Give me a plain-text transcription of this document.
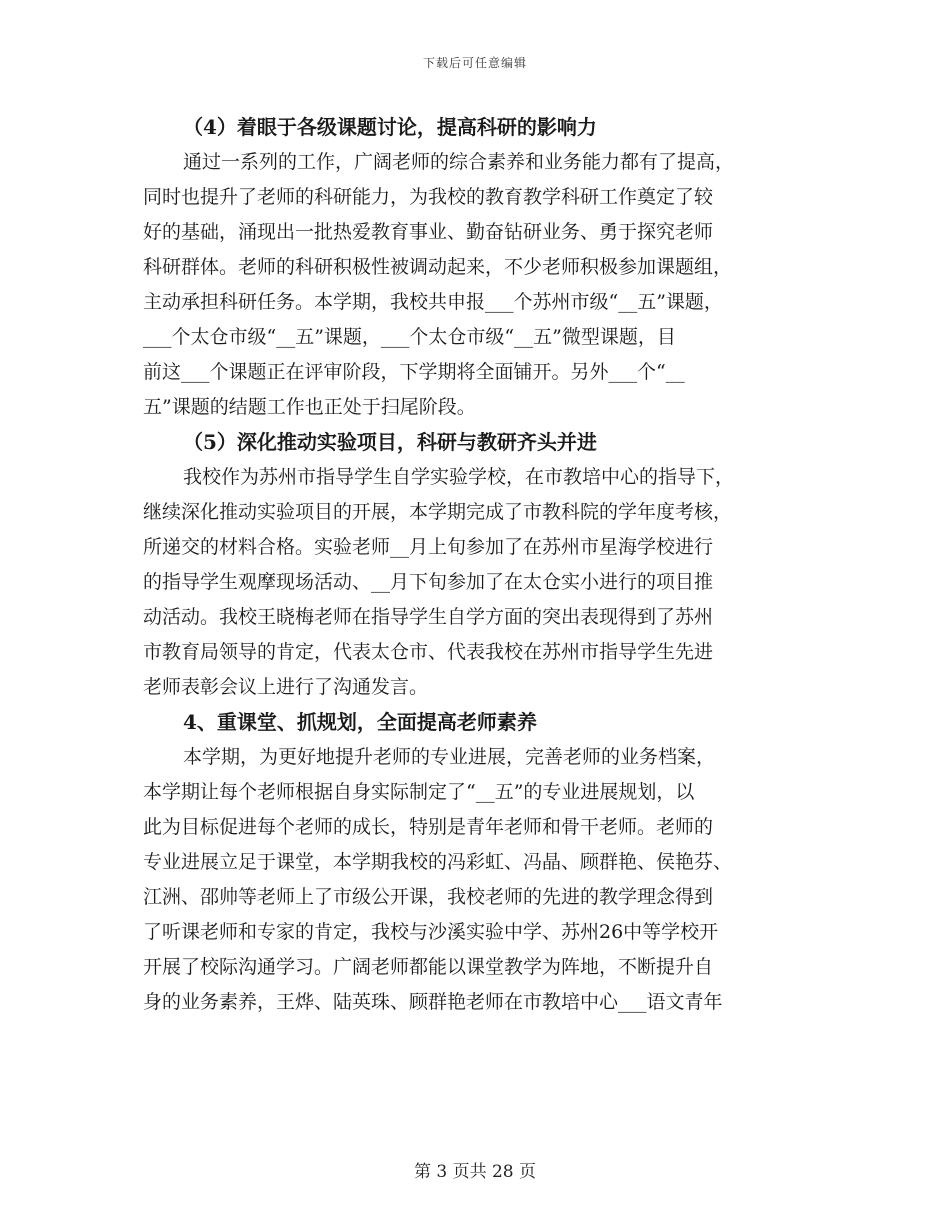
下载后可任意编辑
（4）着眼于各级课题讨论，提高科研的影响力

通过一系列的工作，广阔老师的综合素养和业务能力都有了提高，
同时也提升了老师的科研能力，为我校的教育教学科研工作奠定了较
好的基础，涌现出一批热爱教育事业、勤奋钻研业务、勇于探究老师
科研群体。老师的科研积极性被调动起来，不少老师积极参加课题组，
主动承担科研任务。本学期，我校共申报___个苏州市级“__五”课题，
___个太仓市级“__五”课题，___个太仓市级“__五”微型课题，目
前这___个课题正在评审阶段，下学期将全面铺开。另外___个“__
五”课题的结题工作也正处于扫尾阶段。

（5）深化推动实验项目，科研与教研齐头并进

我校作为苏州市指导学生自学实验学校，在市教培中心的指导下，
继续深化推动实验项目的开展，本学期完成了市教科院的学年度考核，
所递交的材料合格。实验老师__月上旬参加了在苏州市星海学校进行
的指导学生观摩现场活动、__月下旬参加了在太仓实小进行的项目推
动活动。我校王晓梅老师在指导学生自学方面的突出表现得到了苏州
市教育局领导的肯定，代表太仓市、代表我校在苏州市指导学生先进
老师表彰会议上进行了沟通发言。

4、重课堂、抓规划，全面提高老师素养

本学期，为更好地提升老师的专业进展，完善老师的业务档案，
本学期让每个老师根据自身实际制定了“__五”的专业进展规划，以
此为目标促进每个老师的成长，特别是青年老师和骨干老师。老师的
专业进展立足于课堂，本学期我校的冯彩虹、冯晶、顾群艳、侯艳芬、
江洲、邵帅等老师上了市级公开课，我校老师的先进的教学理念得到
了听课老师和专家的肯定，我校与沙溪实验中学、苏州26中等学校开
开展了校际沟通学习。广阔老师都能以课堂教学为阵地，不断提升自
身的业务素养，王烨、陆英珠、顾群艳老师在市教培中心___语文青年

第 3 页共 28 页
